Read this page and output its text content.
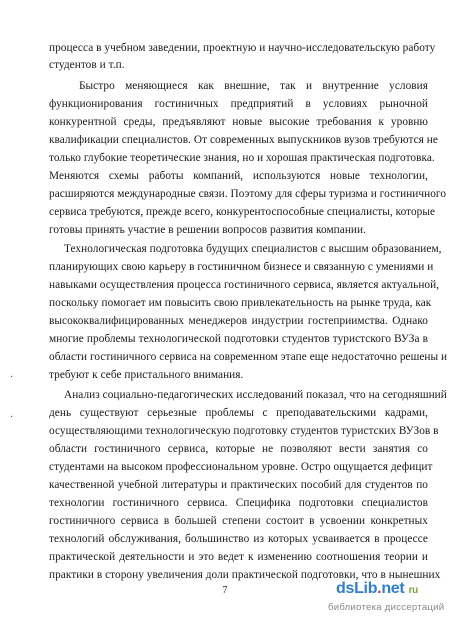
процесса в учебном заведении, проектную и научно-исследовательскую работу
студентов и т.п.
Быстро меняющиеся как внешние, так и внутренние условия
функционирования гостиничных предприятий в условиях рыночной
конкурентной среды, предъявляют новые высокие требования к уровню
квалификации специалистов. От современных выпускников вузов требуются не
только глубокие теоретические знания, но и хорошая практическая подготовка.
Меняются схемы работы компаний, используются новые технологии,
расширяются международные связи. Поэтому для сферы туризма и гостиничного
сервиса требуются, прежде всего, конкурентоспособные специалисты, которые
готовы принять участие в решении вопросов развития компании.
Технологическая подготовка будущих специалистов с высшим образованием,
планирующих свою карьеру в гостиничном бизнесе и связанную с умениями и
навыками осуществления процесса гостиничного сервиса, является актуальной,
поскольку помогает им повысить свою привлекательность на рынке труда, как
высококвалифицированных менеджеров индустрии гостеприимства. Однако
многие проблемы технологической подготовки студентов туристского ВУЗа в
области гостиничного сервиса на современном этапе еще недостаточно решены и
требуют к себе пристального внимания.
Анализ социально-педагогических исследований показал, что на сегодняшний
день существуют серьезные проблемы с преподавательскими кадрами,
осуществляющими технологическую подготовку студентов туристских ВУЗов в
области гостиничного сервиса, которые не позволяют вести занятия со
студентами на высоком профессиональном уровне. Остро ощущается дефицит
качественной учебной литературы и практических пособий для студентов по
технологии гостиничного сервиса. Специфика подготовки специалистов
гостиничного сервиса в большей степени состоит в усвоении конкретных
технологий обслуживания, большинство из которых усваивается в процессе
практической деятельности и это ведет к изменению соотношения теории и
практики в сторону увеличения доли практической подготовки, что в нынешних
·
·
7	dsLib.net ru
библиотека диссертаций
